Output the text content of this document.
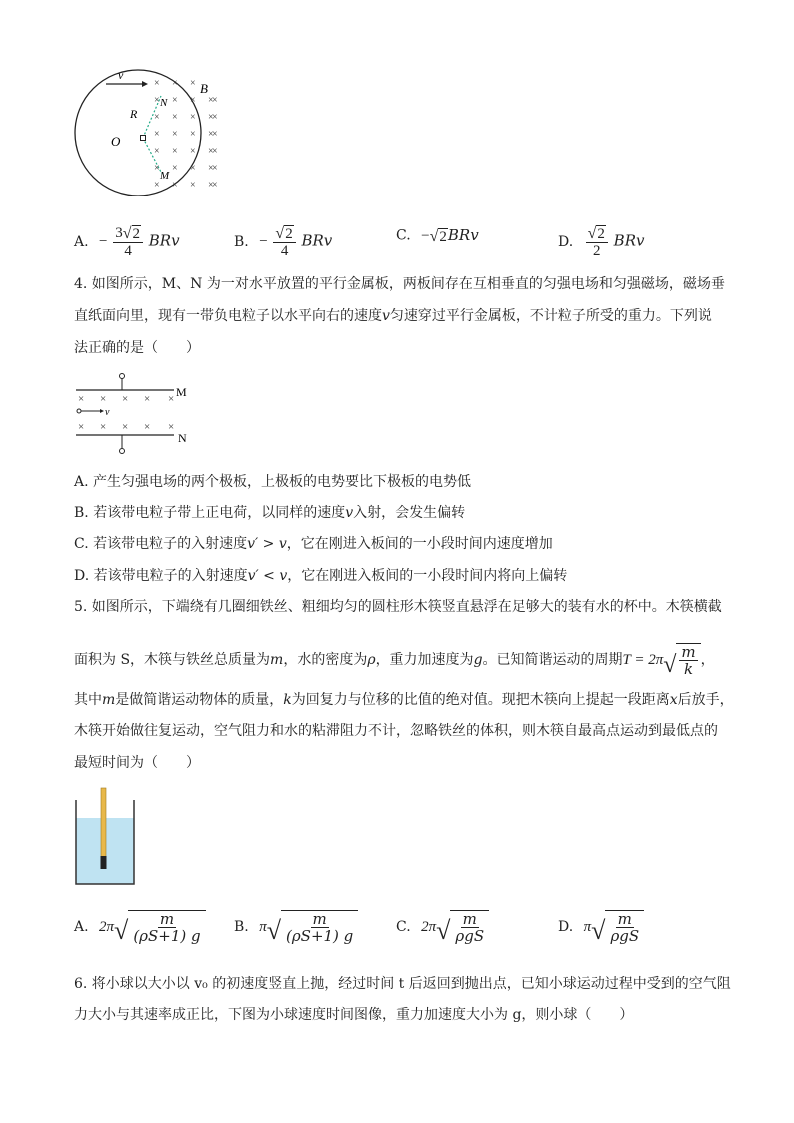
v
O
R
N
M
B
× × ×
× × × ×
×
× × × ×
×
× × × ×
×
× × × ×
×
× × × ×
×
× × × ×
×
A. − $\frac{3 √ 2}{4}$ BRv	B. − $\frac{√ 2}{4}$ BRv	C. − √ 2 BRv	D. $\frac{√ 2}{2}$ BRv
4. 如图所示，M、N 为一对水平放置的平行金属板，两板间存在互相垂直的匀强电场和匀强磁场，磁场垂
直纸面向里，现有一带负电粒子以水平向右的速度v匀速穿过平行金属板，不计粒子所受的重力。下列说
法正确的是（　　）
M
× × × × ×
× × × × ×
v
N
A. 产生匀强电场的两个极板，上极板的电势要比下极板的电势低
B. 若该带电粒子带上正电荷，以同样的速度v入射，会发生偏转
C. 若该带电粒子的入射速度v′ > v，它在刚进入板间的一小段时间内速度增加
D. 若该带电粒子的入射速度v′ < v，它在刚进入板间的一小段时间内将向上偏转
5. 如图所示，下端绕有几圈细铁丝、粗细均匀的圆柱形木筷竖直悬浮在足够大的装有水的杯中。木筷横截
面积为 S，木筷与铁丝总质量为m，水的密度为ρ，重力加速度为g。已知简谐运动的周期T = 2π √ $\frac{m}{k}$ ，
其中m是做简谐运动物体的质量，k为回复力与位移的比值的绝对值。现把木筷向上提起一段距离x后放手，
木筷开始做往复运动，空气阻力和水的粘滞阻力不计，忽略铁丝的体积，则木筷自最高点运动到最低点的
最短时间为（　　）
A. 2π √ $\frac{m}{(\rho S+1) g} B$. π √ $\frac{m}{(\rho S+1) g}$	C. 2π √ $\frac{m}{\text{ρgS}}$	D. π √ $\frac{m}{\text{ρgS}}$
6. 将小球以大小以 v₀ 的初速度竖直上抛，经过时间 t 后返回到抛出点，已知小球运动过程中受到的空气阻
力大小与其速率成正比，下图为小球速度时间图像，重力加速度大小为 g，则小球（　　）
